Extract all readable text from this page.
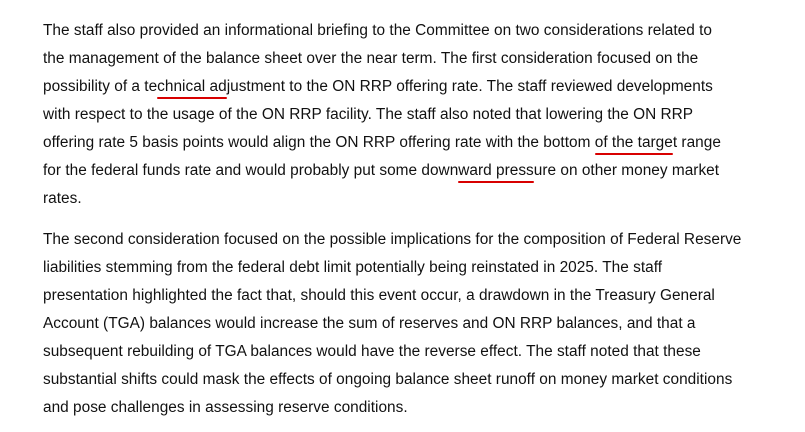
The staff also provided an informational briefing to the Committee on two considerations related to
the management of the balance sheet over the near term. The first consideration focused on the
possibility of a technical adjustment to the ON RRP offering rate. The staff reviewed developments
with respect to the usage of the ON RRP facility. The staff also noted that lowering the ON RRP
offering rate 5 basis points would align the ON RRP offering rate with the bottom of the target range
for the federal funds rate and would probably put some downward pressure on other money market
rates.
The second consideration focused on the possible implications for the composition of Federal Reserve
liabilities stemming from the federal debt limit potentially being reinstated in 2025. The staff
presentation highlighted the fact that, should this event occur, a drawdown in the Treasury General
Account (TGA) balances would increase the sum of reserves and ON RRP balances, and that a
subsequent rebuilding of TGA balances would have the reverse effect. The staff noted that these
substantial shifts could mask the effects of ongoing balance sheet runoff on money market conditions
and pose challenges in assessing reserve conditions.
